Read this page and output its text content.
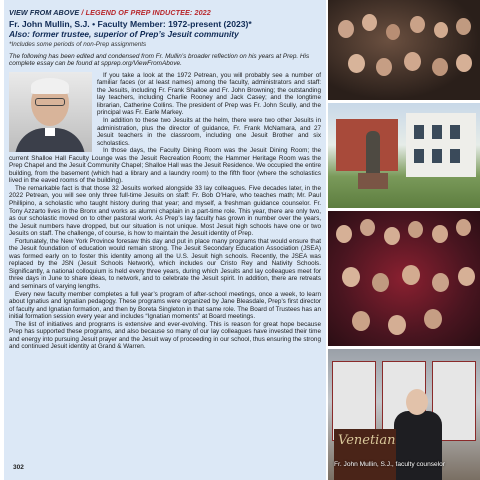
VIEW FROM ABOVE / LEGEND OF PREP INDUCTEE: 2022
Fr. John Mullin, S.J. • Faculty Member: 1972-present (2023)*
Also: former trustee, superior of Prep’s Jesuit community
*Includes some periods of non-Prep assignments
The following has been edited and condensed from Fr. Mullin’s broader reflection on his years at Prep. His complete essay can be found at spprep.org/ViewFromAbove.

If you take a look at the 1972 Petrean, you will probably see a number of familiar faces (or at least names) among the faculty, administrators and staff: the Jesuits, including Fr. Frank Shalloe and Fr. John Browning; the outstanding lay teachers, including Charlie Rooney and Jack Casey; and the longtime librarian, Catherine Collins. The president of Prep was Fr. John Scully, and the principal was Fr. Earle Markey.

In addition to these two Jesuits at the helm, there were two other Jesuits in administration, plus the director of guidance, Fr. Frank McNamara, and 27 Jesuit teachers in the classroom, including one Jesuit Brother and six scholastics.

In those days, the Faculty Dining Room was the Jesuit Dining Room; the current Shalloe Hall Faculty Lounge was the Jesuit Recreation Room; the Hammer Heritage Room was the Prep Chapel and the Jesuit Community Chapel; Shalloe Hall was the Jesuit Residence. We occupied the entire building, from the basement (which had a library and a laundry room) to the fifth floor (where the scholastics lived in the eaved rooms of the building).

The remarkable fact is that those 32 Jesuits worked alongside 33 lay colleagues. Five decades later, in the 2022 Petrean, you will see only three full-time Jesuits on staff: Fr. Bob O’Hare, who teaches math; Mr. Paul Phillipino, a scholastic who taught history during that year; and myself, a freshman guidance counselor. Fr. Tony Azzarto lives in the Bronx and works as alumni chaplain in a part-time role. This year, there are only two, as our scholastic moved on to other pastoral work. As Prep’s lay faculty has grown in number over the years, the Jesuit numbers have dropped, but our situation is not unique. Most Jesuit high schools have one or two Jesuits on staff. The challenge, of course, is how to maintain the Jesuit identity of Prep.

Fortunately, the New York Province foresaw this day and put in place many programs that would ensure that the Jesuit foundation of education would remain strong. The Jesuit Secondary Education Association (JSEA) was formed early on to foster this identity among all the U.S. Jesuit high schools. Recently, the JSEA was replaced by the JSN (Jesuit Schools Network), which includes our Cristo Rey and Nativity Schools. Significantly, a national colloquium is held every three years, during which Jesuits and lay colleagues meet for three days in June to share ideas, to network, and to celebrate the Jesuit spirit. In addition, there are retreats and seminars of varying lengths.

Every new faculty member completes a full year’s program of after-school meetings, once a week, to learn about Ignatius and Ignatian pedagogy. These programs were organized by Jane Bleasdale, Prep’s first director of faculty and Ignatian formation, and then by Boreta Singleton in that same role. The Board of Trustees has an initial formation session every year and includes “Ignatian moments” at Board meetings.

The list of initiatives and programs is extensive and ever-evolving. This is reason for great hope because Prep has supported these programs, and also because so many of our lay colleagues have invested their time and energy into pursuing Jesuit prayer and the Jesuit way of proceeding in our school, thus ensuring the strong and continued Jesuit identity at Grand & Warren.

302
Venetian
Fr. John Mullin, S.J., faculty counselor
